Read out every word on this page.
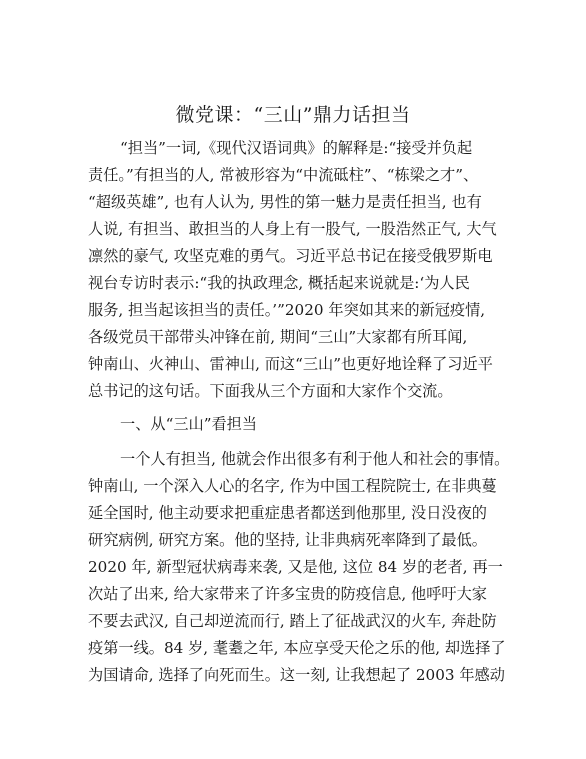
微党课：“三山”鼎力话担当
“担当”一词,《现代汉语词典》的解释是:“接受并负起
责任。”有担当的人, 常被形容为“中流砥柱”、“栋梁之才”、
“超级英雄”, 也有人认为, 男性的第一魅力是责任担当, 也有
人说, 有担当、敢担当的人身上有一股气, 一股浩然正气, 大气
凛然的豪气, 攻坚克难的勇气。习近平总书记在接受俄罗斯电
视台专访时表示:“我的执政理念, 概括起来说就是:‘为人民
服务, 担当起该担当的责任。’”2020 年突如其来的新冠疫情,
各级党员干部带头冲锋在前, 期间“三山”大家都有所耳闻,
钟南山、火神山、雷神山, 而这“三山”也更好地诠释了习近平
总书记的这句话。下面我从三个方面和大家作个交流。
一、从“三山”看担当
一个人有担当, 他就会作出很多有利于他人和社会的事情。
钟南山, 一个深入人心的名字, 作为中国工程院院士, 在非典蔓
延全国时, 他主动要求把重症患者都送到他那里, 没日没夜的
研究病例, 研究方案。他的坚持, 让非典病死率降到了最低。
2020 年, 新型冠状病毒来袭, 又是他, 这位 84 岁的老者, 再一
次站了出来, 给大家带来了许多宝贵的防疫信息, 他呼吁大家
不要去武汉, 自己却逆流而行, 踏上了征战武汉的火车, 奔赴防
疫第一线。84 岁, 耄耋之年, 本应享受天伦之乐的他, 却选择了
为国请命, 选择了向死而生。这一刻, 让我想起了 2003 年感动
